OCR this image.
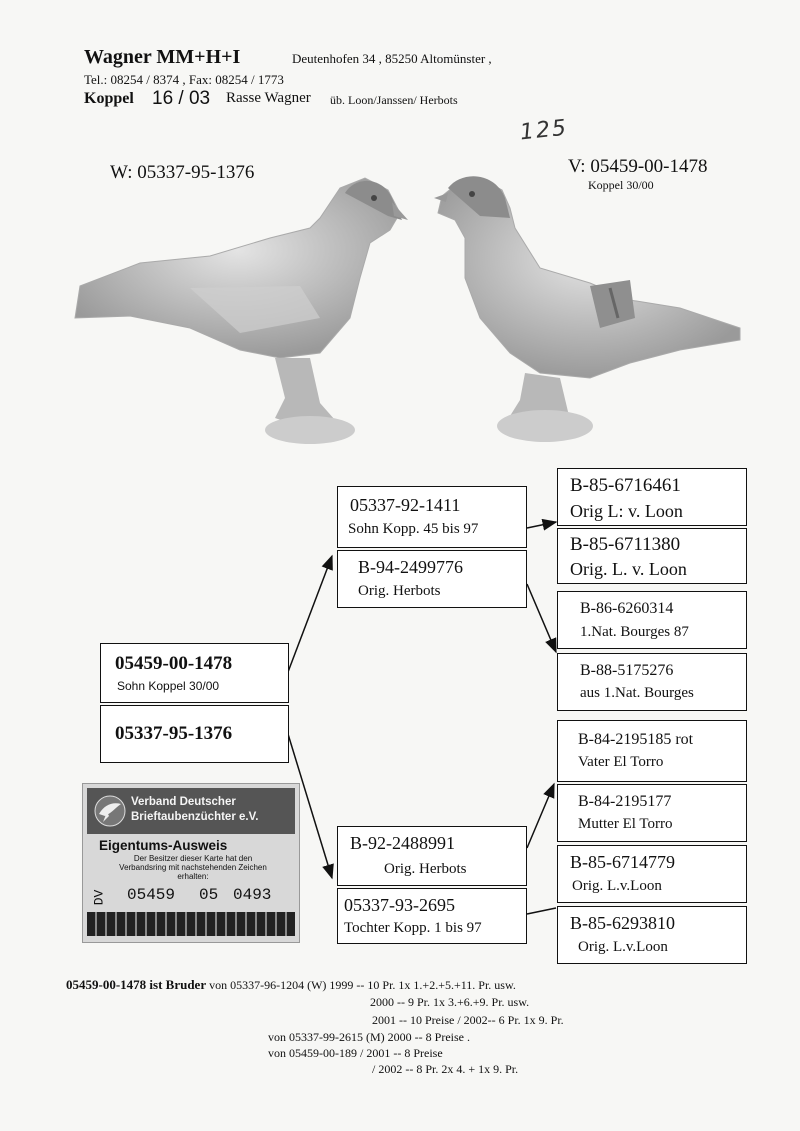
Wagner MM+H+I	Deutenhofen 34 , 85250 Altomünster ,
Tel.: 08254 / 8374 , Fax: 08254 / 1773
Koppel 16 / 03 Rasse Wagner üb. Loon/Janssen/ Herbots
125
W: 05337-95-1376	V: 05459-00-1478
Koppel 30/00
05459-00-1478
Sohn Koppel 30/00
05337-95-1376
05337-92-1411
Sohn Kopp. 45 bis 97
B-94-2499776
Orig. Herbots
B-92-2488991
Orig. Herbots
05337-93-2695
Tochter Kopp. 1 bis 97
B-85-6716461
Orig L: v. Loon
B-85-6711380
Orig. L. v. Loon
B-86-6260314
1.Nat. Bourges 87
B-88-5175276
aus 1.Nat. Bourges
B-84-2195185 rot
Vater El Torro
B-84-2195177
Mutter El Torro
B-85-6714779
Orig. L.v.Loon
B-85-6293810
Orig. L.v.Loon
Verband Deutscher
Brieftaubenzüchter e.V.
Eigentums-Ausweis
Der Besitzer dieser Karte hat den Verbandsring mit nachstehenden Zeichen erhalten:
DV 05459 05 0493
05459-00-1478 ist Bruder von 05337-96-1204 (W) 1999 -- 10 Pr. 1x 1.+2.+5.+11. Pr. usw.
2000 -- 9 Pr. 1x 3.+6.+9. Pr. usw.
2001 -- 10 Preise / 2002-- 6 Pr. 1x 9. Pr.
von 05337-99-2615 (M) 2000 -- 8 Preise .
von 05459-00-189 / 2001 -- 8 Preise
/ 2002 -- 8 Pr. 2x 4. + 1x 9. Pr.
